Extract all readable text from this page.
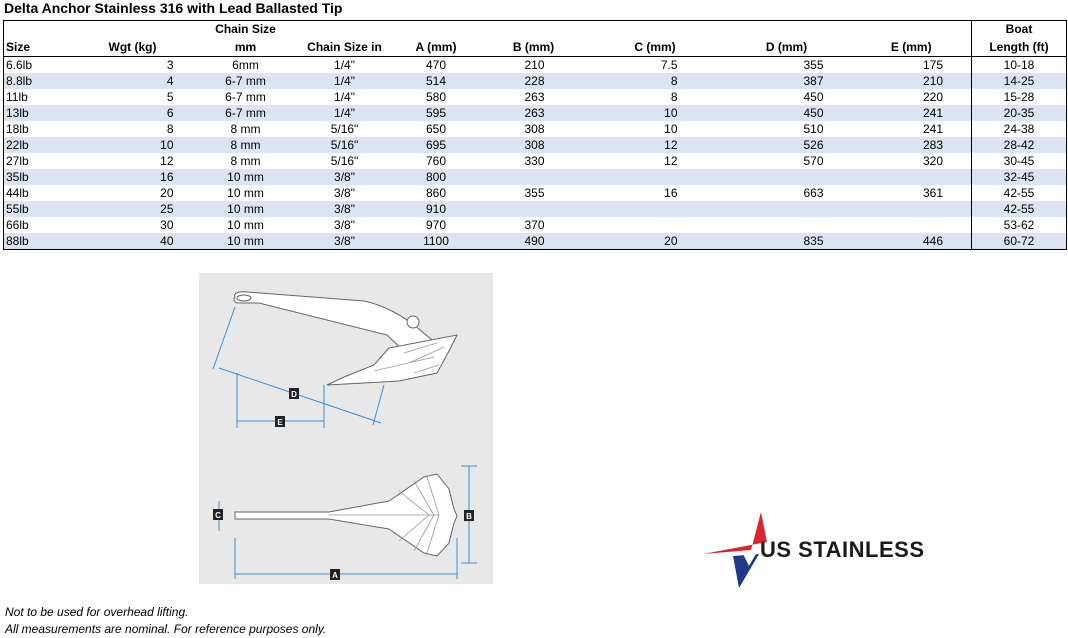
Delta Anchor Stainless 316 with Lead Ballasted Tip
		Chain Size							Boat
Size	Wgt (kg)	mm	Chain Size in	A (mm)	B (mm)	C (mm)	D (mm)	E (mm)	Length (ft)
6.6lb	3	6mm	1/4"	470	210	7.5	355	175	10-18
8.8lb	4	6-7 mm	1/4"	514	228	8	387	210	14-25
11lb	5	6-7 mm	1/4"	580	263	8	450	220	15-28
13lb	6	6-7 mm	1/4"	595	263	10	450	241	20-35
18lb	8	8 mm	5/16"	650	308	10	510	241	24-38
22lb	10	8 mm	5/16"	695	308	12	526	283	28-42
27lb	12	8 mm	5/16"	760	330	12	570	320	30-45
35lb	16	10 mm	3/8"	800					32-45
44lb	20	10 mm	3/8"	860	355	16	663	361	42-55
55lb	25	10 mm	3/8"	910					42-55
66lb	30	10 mm	3/8"	970	370				53-62
88lb	40	10 mm	3/8"	1100	490	20	835	446	60-72
D
E
C	B
A
US STAINLESS
Not to be used for overhead lifting.
All measurements are nominal. For reference purposes only.
